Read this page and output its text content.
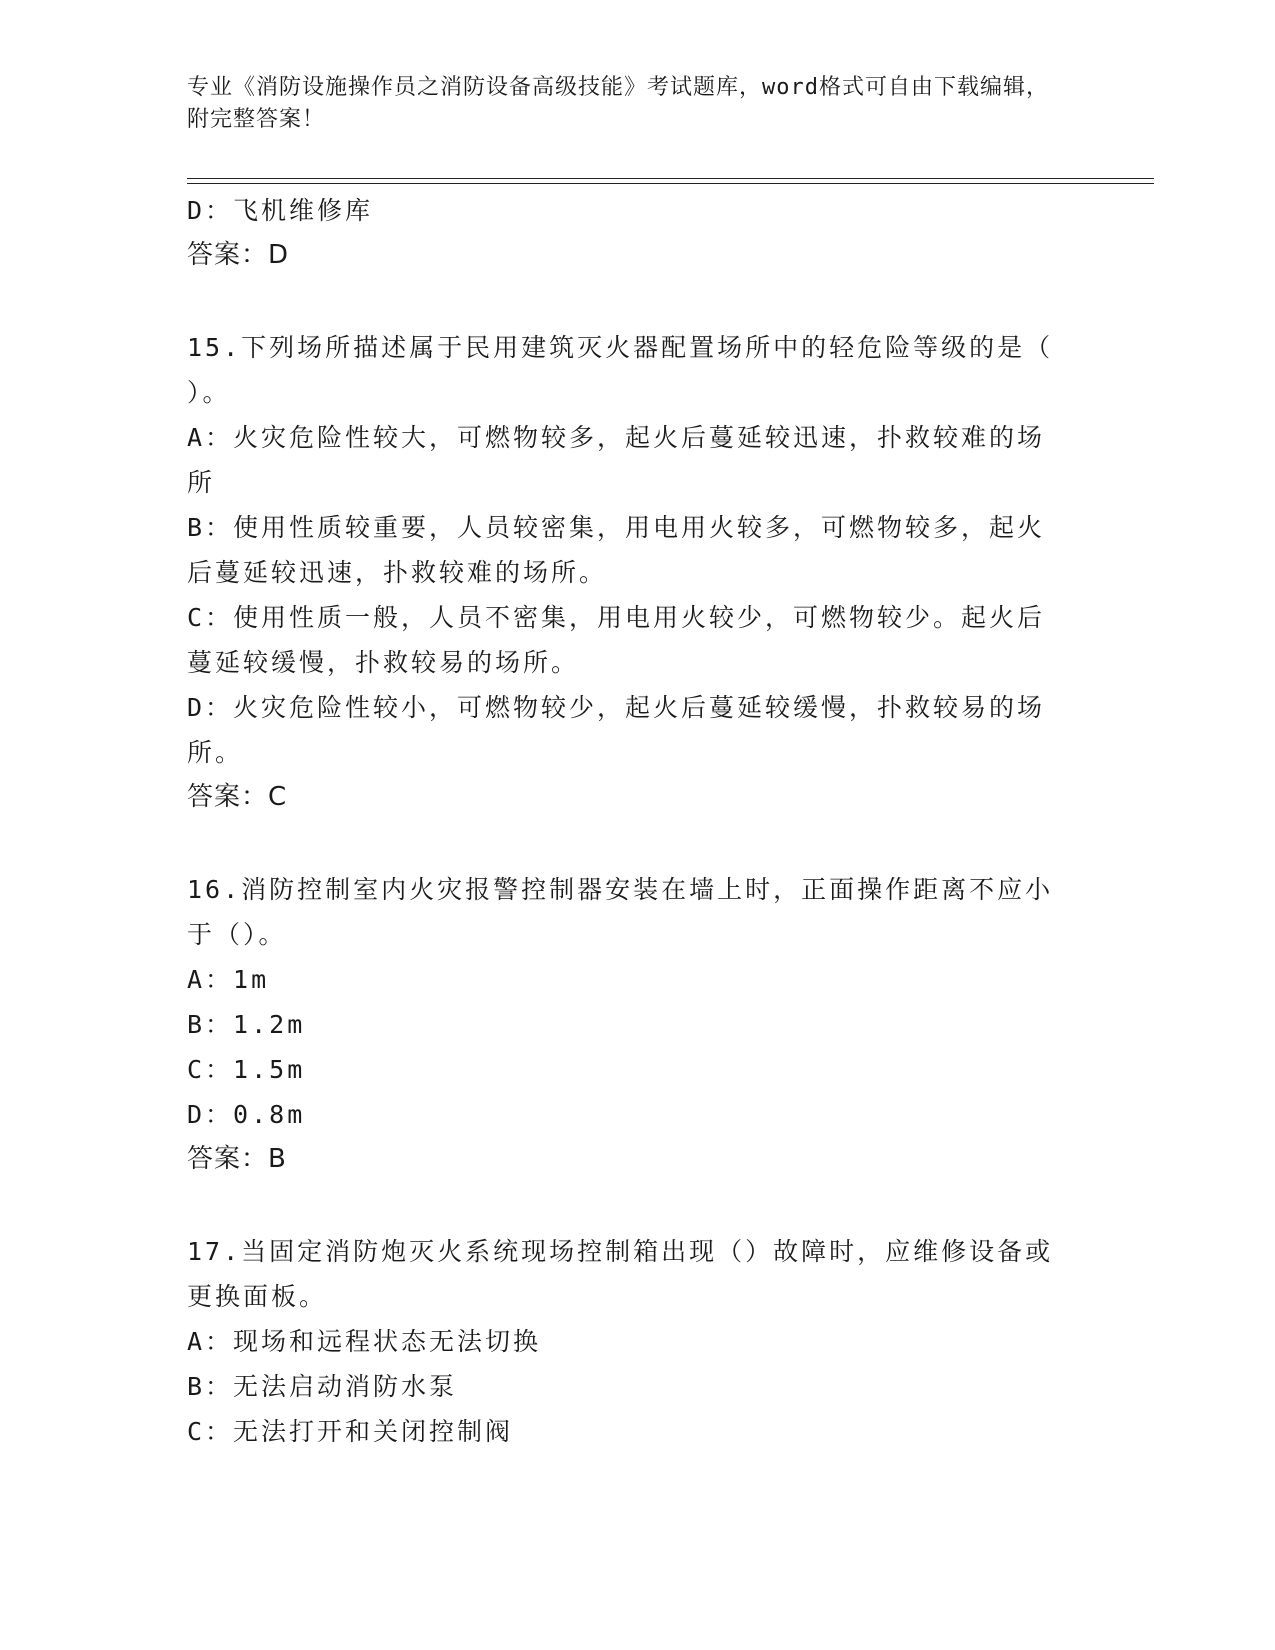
专业《消防设施操作员之消防设备高级技能》考试题库，word格式可自由下载编辑，附完整答案！
D：飞机维修库
答案：D
15.下列场所描述属于民用建筑灭火器配置场所中的轻危险等级的是（
）。
A：火灾危险性较大，可燃物较多，起火后蔓延较迅速，扑救较难的场
所
B：使用性质较重要，人员较密集，用电用火较多，可燃物较多，起火
后蔓延较迅速，扑救较难的场所。
C：使用性质一般，人员不密集，用电用火较少，可燃物较少。起火后
蔓延较缓慢，扑救较易的场所。
D：火灾危险性较小，可燃物较少，起火后蔓延较缓慢，扑救较易的场
所。
答案：C
16.消防控制室内火灾报警控制器安装在墙上时，正面操作距离不应小
于（）。
A：1m
B：1.2m
C：1.5m
D：0.8m
答案：B
17.当固定消防炮灭火系统现场控制箱出现（）故障时，应维修设备或
更换面板。
A：现场和远程状态无法切换
B：无法启动消防水泵
C：无法打开和关闭控制阀
